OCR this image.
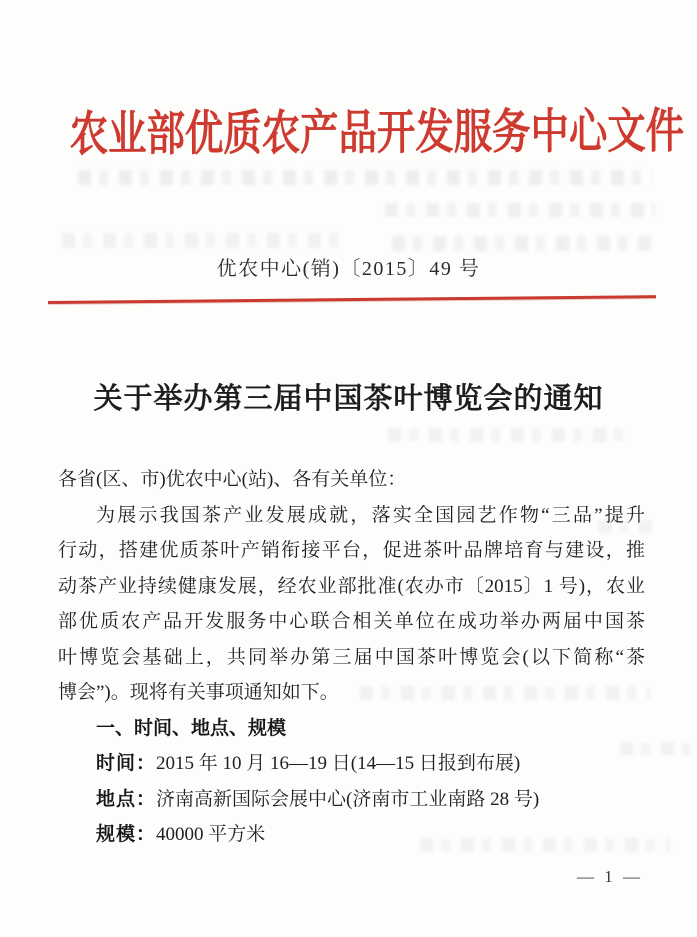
农业部优质农产品开发服务中心文件
优农中心(销)〔2015〕49 号
关于举办第三届中国茶叶博览会的通知
各省(区、市)优农中心(站)、各有关单位：
为展示我国茶产业发展成就，落实全国园艺作物“三品”提升
行动，搭建优质茶叶产销衔接平台，促进茶叶品牌培育与建设，推
动茶产业持续健康发展，经农业部批准(农办市〔2015〕1 号)，农业
部优质农产品开发服务中心联合相关单位在成功举办两届中国茶
叶博览会基础上，共同举办第三届中国茶叶博览会(以下简称“茶
博会”)。现将有关事项通知如下。
一、时间、地点、规模
时间：2015 年 10 月 16—19 日(14—15 日报到布展)
地点：济南高新国际会展中心(济南市工业南路 28 号)
规模：40000 平方米
— 1 —
